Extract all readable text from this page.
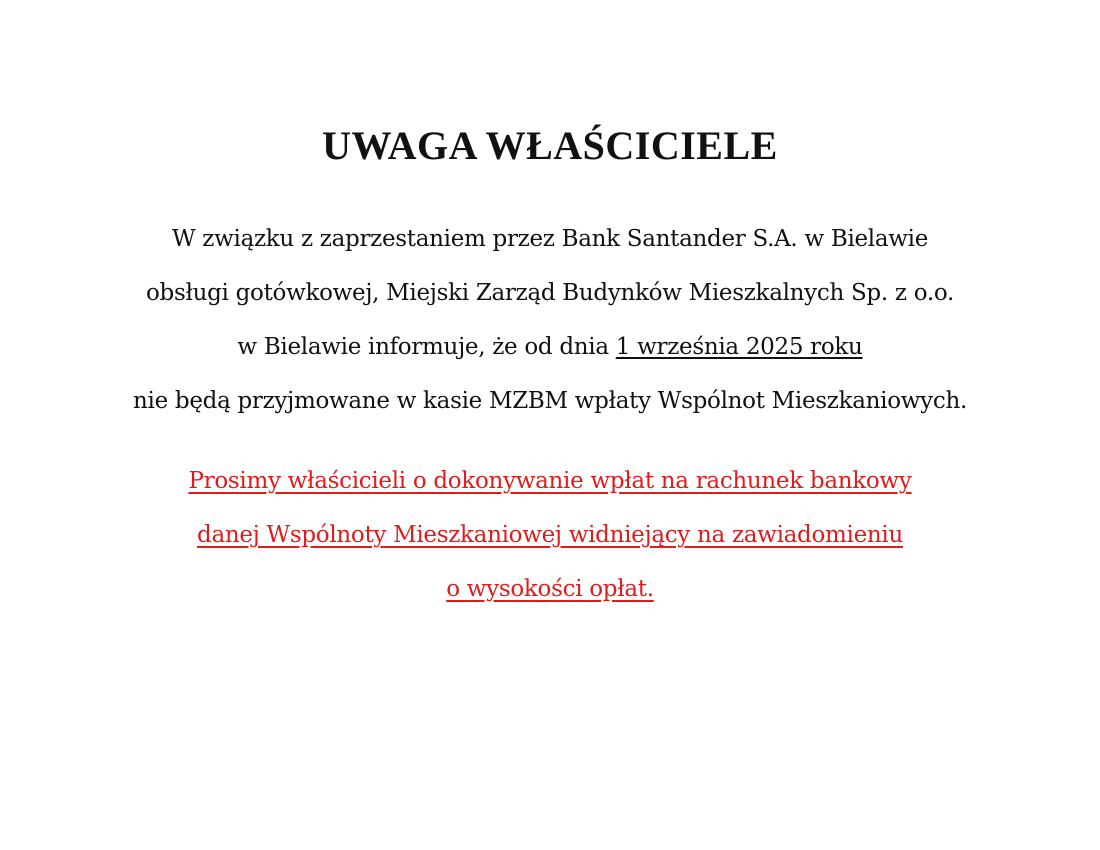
UWAGA WŁAŚCICIELE

W związku z zaprzestaniem przez Bank Santander S.A. w Bielawie

obsługi gotówkowej, Miejski Zarząd Budynków Mieszkalnych Sp. z o.o.

w Bielawie informuje, że od dnia 1 września 2025 roku

nie będą przyjmowane w kasie MZBM wpłaty Wspólnot Mieszkaniowych.

Prosimy właścicieli o dokonywanie wpłat na rachunek bankowy

danej Wspólnoty Mieszkaniowej widniejący na zawiadomieniu

o wysokości opłat.
